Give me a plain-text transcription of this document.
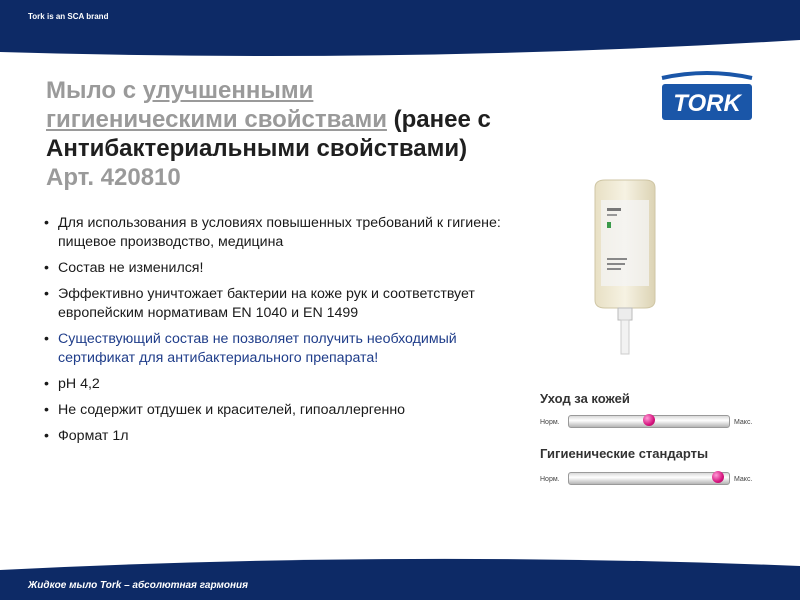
Tork is an SCA brand
TORK
Мыло с улучшенными
гигиеническими свойствами (ранее с
Антибактериальными свойствами)
Арт. 420810
• Для использования в условиях повышенных требований к гигиене: пищевое производство, медицина
• Состав не изменился!
• Эффективно уничтожает бактерии на коже рук и соответствует европейским нормативам EN 1040 и EN 1499
• Существующий состав не позволяет получить необходимый сертификат для антибактериального препарата!
• рН 4,2
• Не содержит отдушек и красителей, гипоаллергенно
• Формат 1л
Уход за кожей
Норм.	Макс.
Гигиенические стандарты
Норм.	Макс.
Жидкое мыло Tork – абсолютная гармония
